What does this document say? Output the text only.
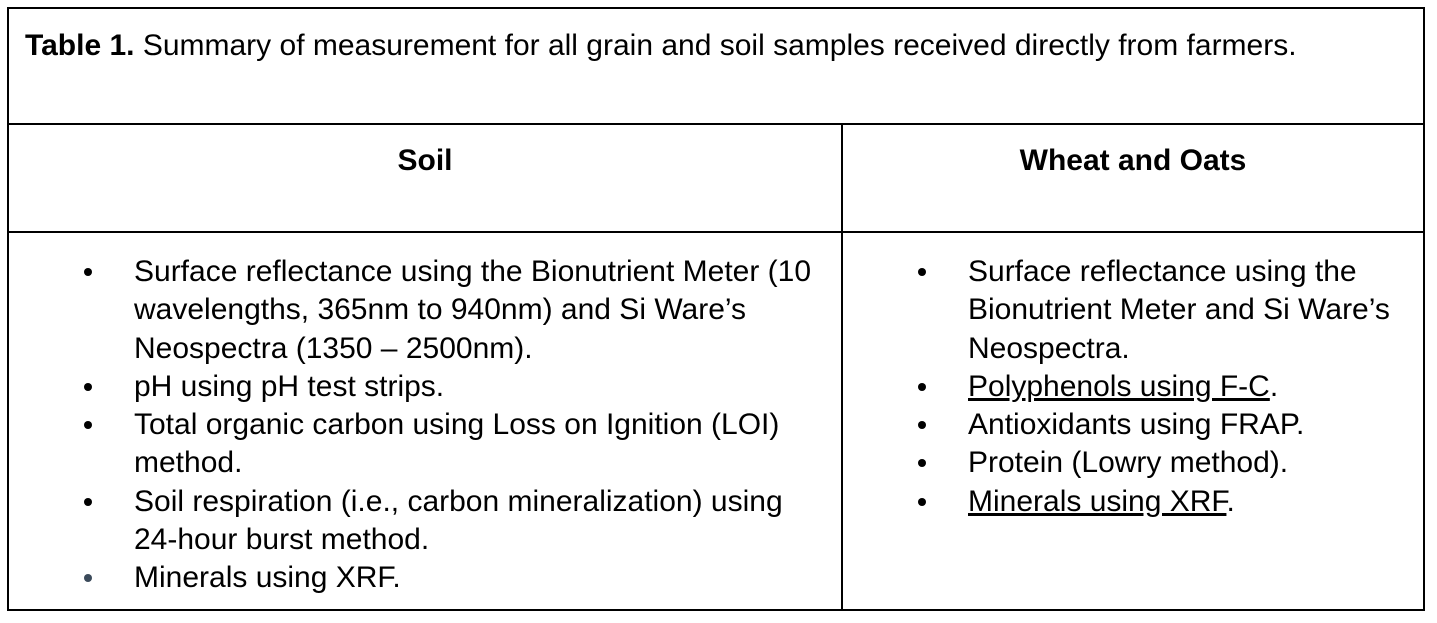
Table 1. Summary of measurement for all grain and soil samples received directly from farmers.
Soil	Wheat and Oats
Surface reflectance using the Bionutrient Meter (10 wavelengths, 365nm to 940nm) and Si Ware’s Neospectra (1350 – 2500nm).
pH using pH test strips.
Total organic carbon using Loss on Ignition (LOI) method.
Soil respiration (i.e., carbon mineralization) using 24-hour burst method.
Minerals using XRF.
Surface reflectance using the Bionutrient Meter and Si Ware’s Neospectra.
Polyphenols using F-C.
Antioxidants using FRAP.
Protein (Lowry method).
Minerals using XRF.
